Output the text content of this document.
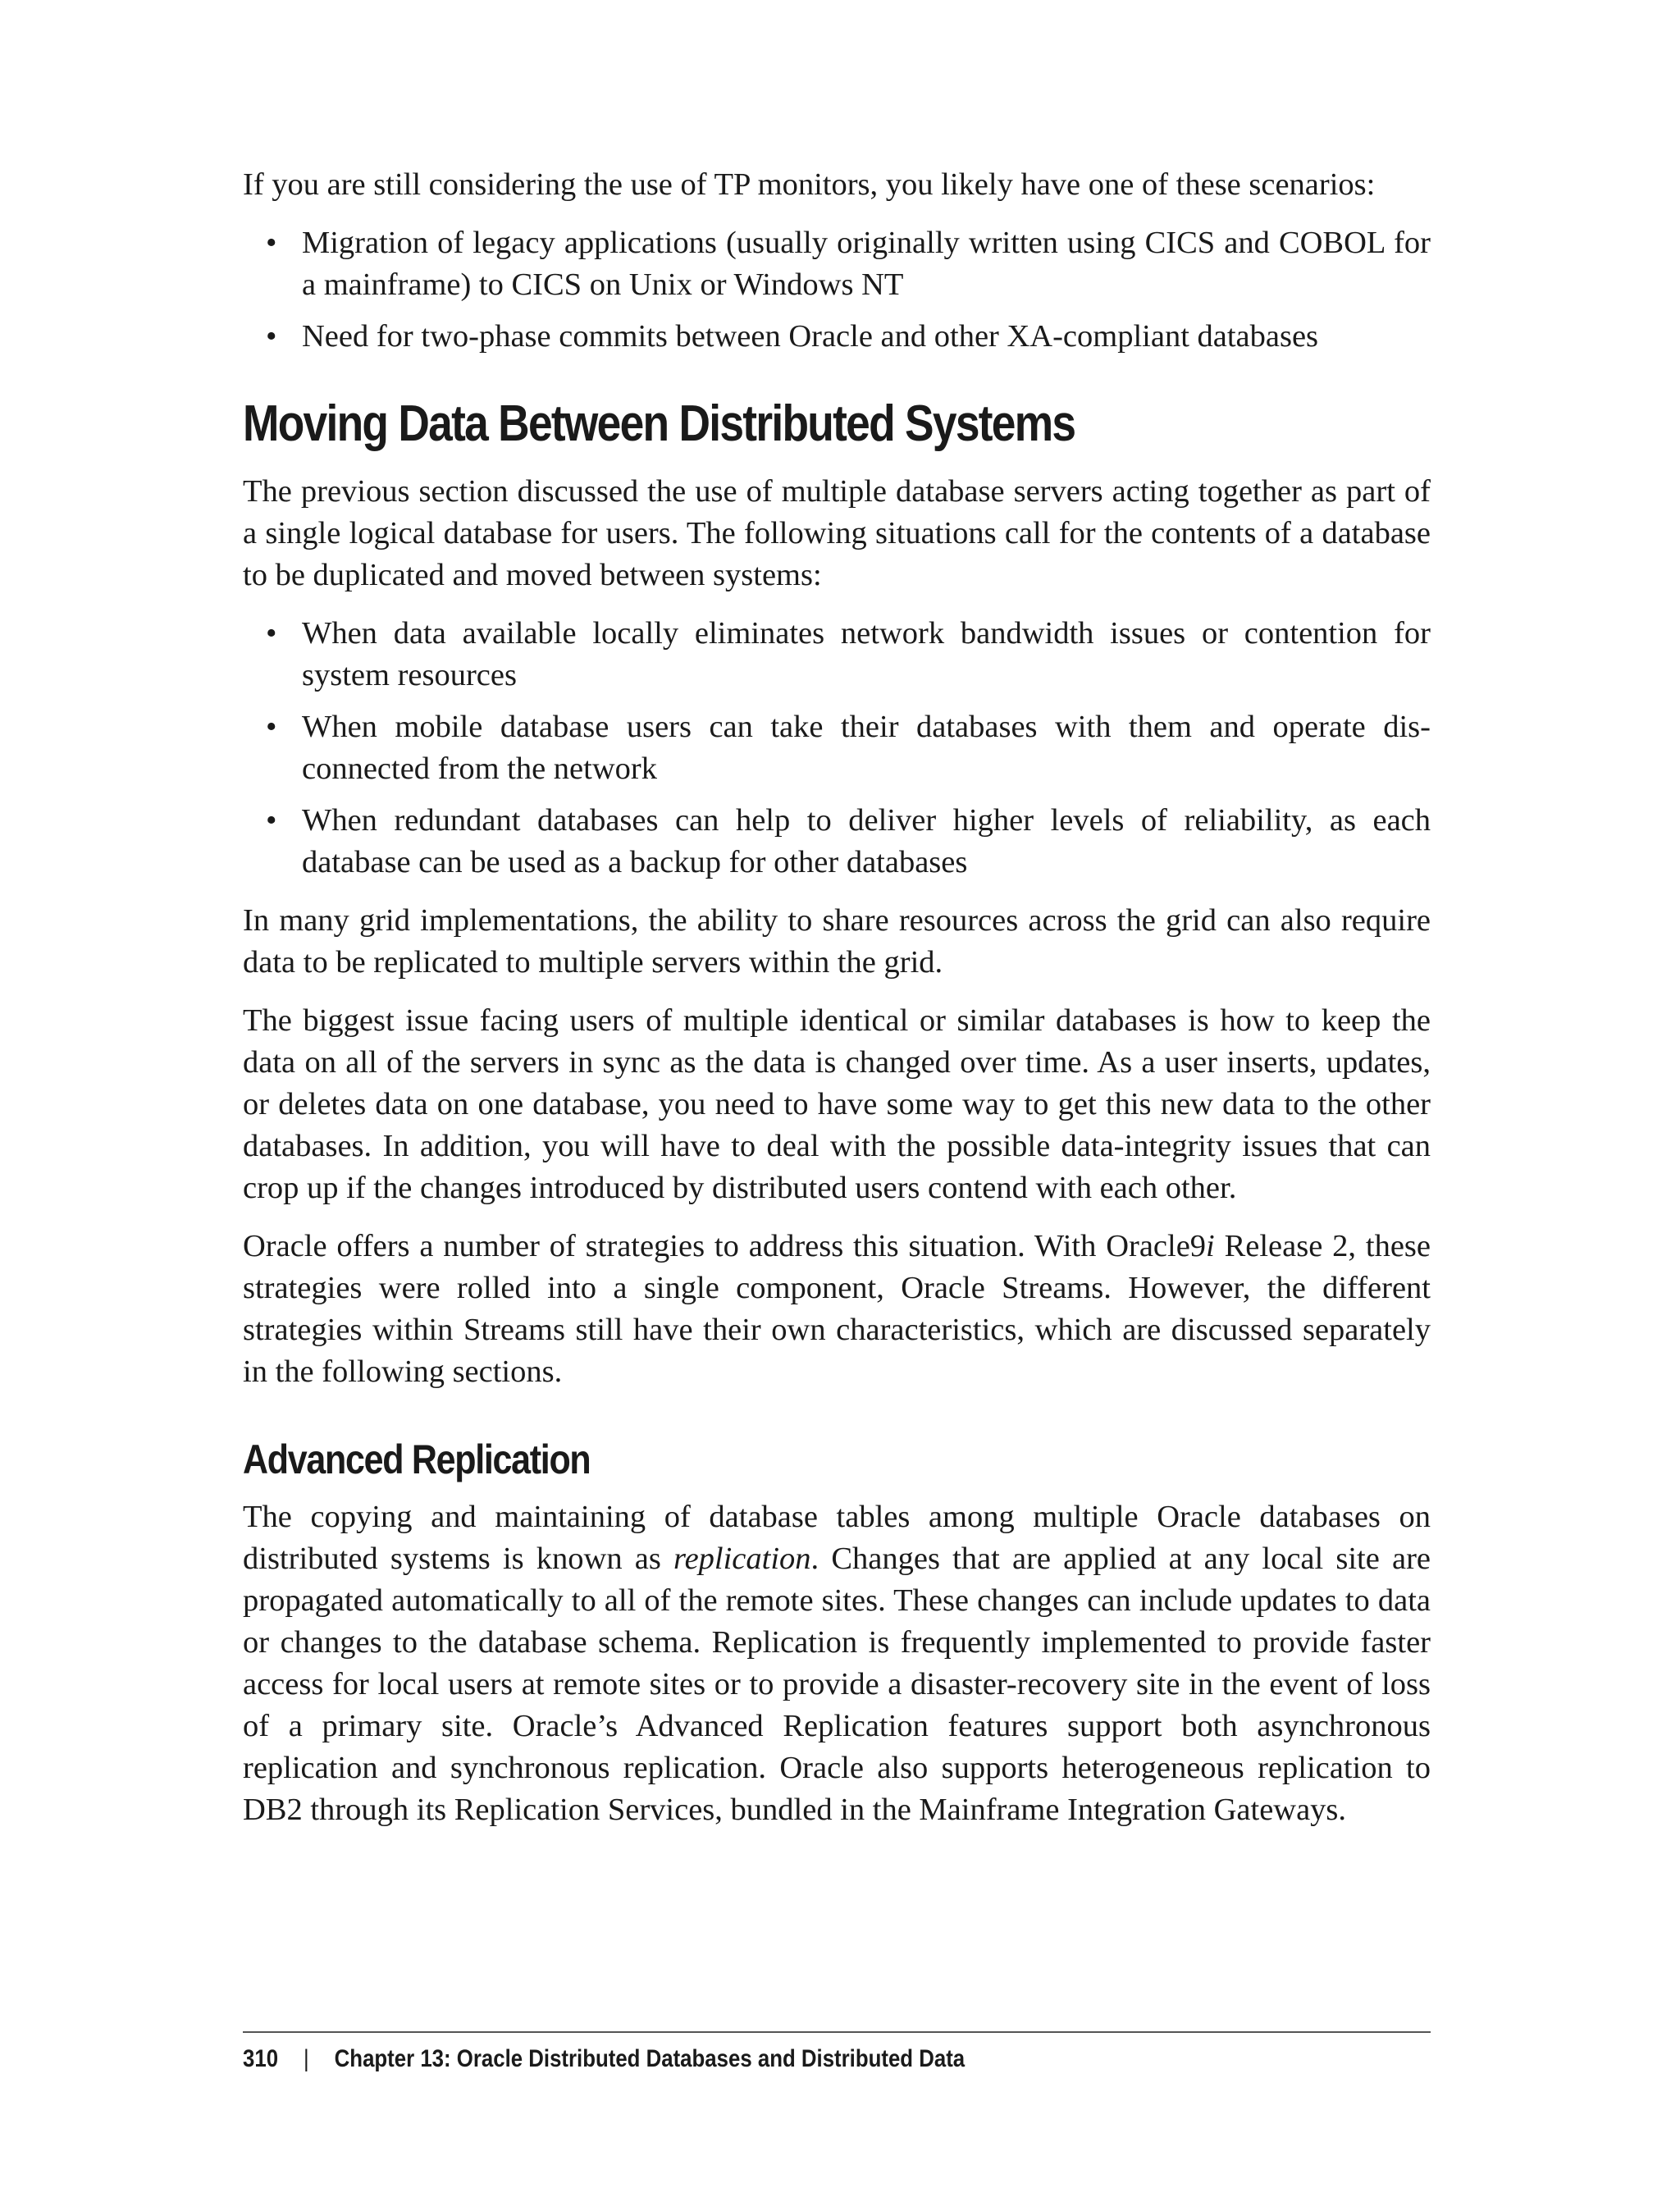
If you are still considering the use of TP monitors, you likely have one of these scenarios:

• Migration of legacy applications (usually originally written using CICS and COBOL for a mainframe) to CICS on Unix or Windows NT
• Need for two-phase commits between Oracle and other XA-compliant databases
Moving Data Between Distributed Systems

The previous section discussed the use of multiple database servers acting together as part of a single logical database for users. The following situations call for the contents of a database to be duplicated and moved between systems:

• When data available locally eliminates network bandwidth issues or contention for system resources
• When mobile database users can take their databases with them and operate disconnected from the network
• When redundant databases can help to deliver higher levels of reliability, as each database can be used as a backup for other databases

In many grid implementations, the ability to share resources across the grid can also require data to be replicated to multiple servers within the grid.

The biggest issue facing users of multiple identical or similar databases is how to keep the data on all of the servers in sync as the data is changed over time. As a user inserts, updates, or deletes data on one database, you need to have some way to get this new data to the other databases. In addition, you will have to deal with the possible data-integrity issues that can crop up if the changes introduced by distributed users contend with each other.

Oracle offers a number of strategies to address this situation. With Oracle9i Release 2, these strategies were rolled into a single component, Oracle Streams. However, the different strategies within Streams still have their own characteristics, which are discussed separately in the following sections.

Advanced Replication

The copying and maintaining of database tables among multiple Oracle databases on distributed systems is known as replication. Changes that are applied at any local site are propagated automatically to all of the remote sites. These changes can include updates to data or changes to the database schema. Replication is frequently implemented to provide faster access for local users at remote sites or to provide a disaster-recovery site in the event of loss of a primary site. Oracle’s Advanced Replication features support both asynchronous replication and synchronous replication. Oracle also supports heterogeneous replication to DB2 through its Replication Services, bundled in the Mainframe Integration Gateways.

310 | Chapter 13: Oracle Distributed Databases and Distributed Data
